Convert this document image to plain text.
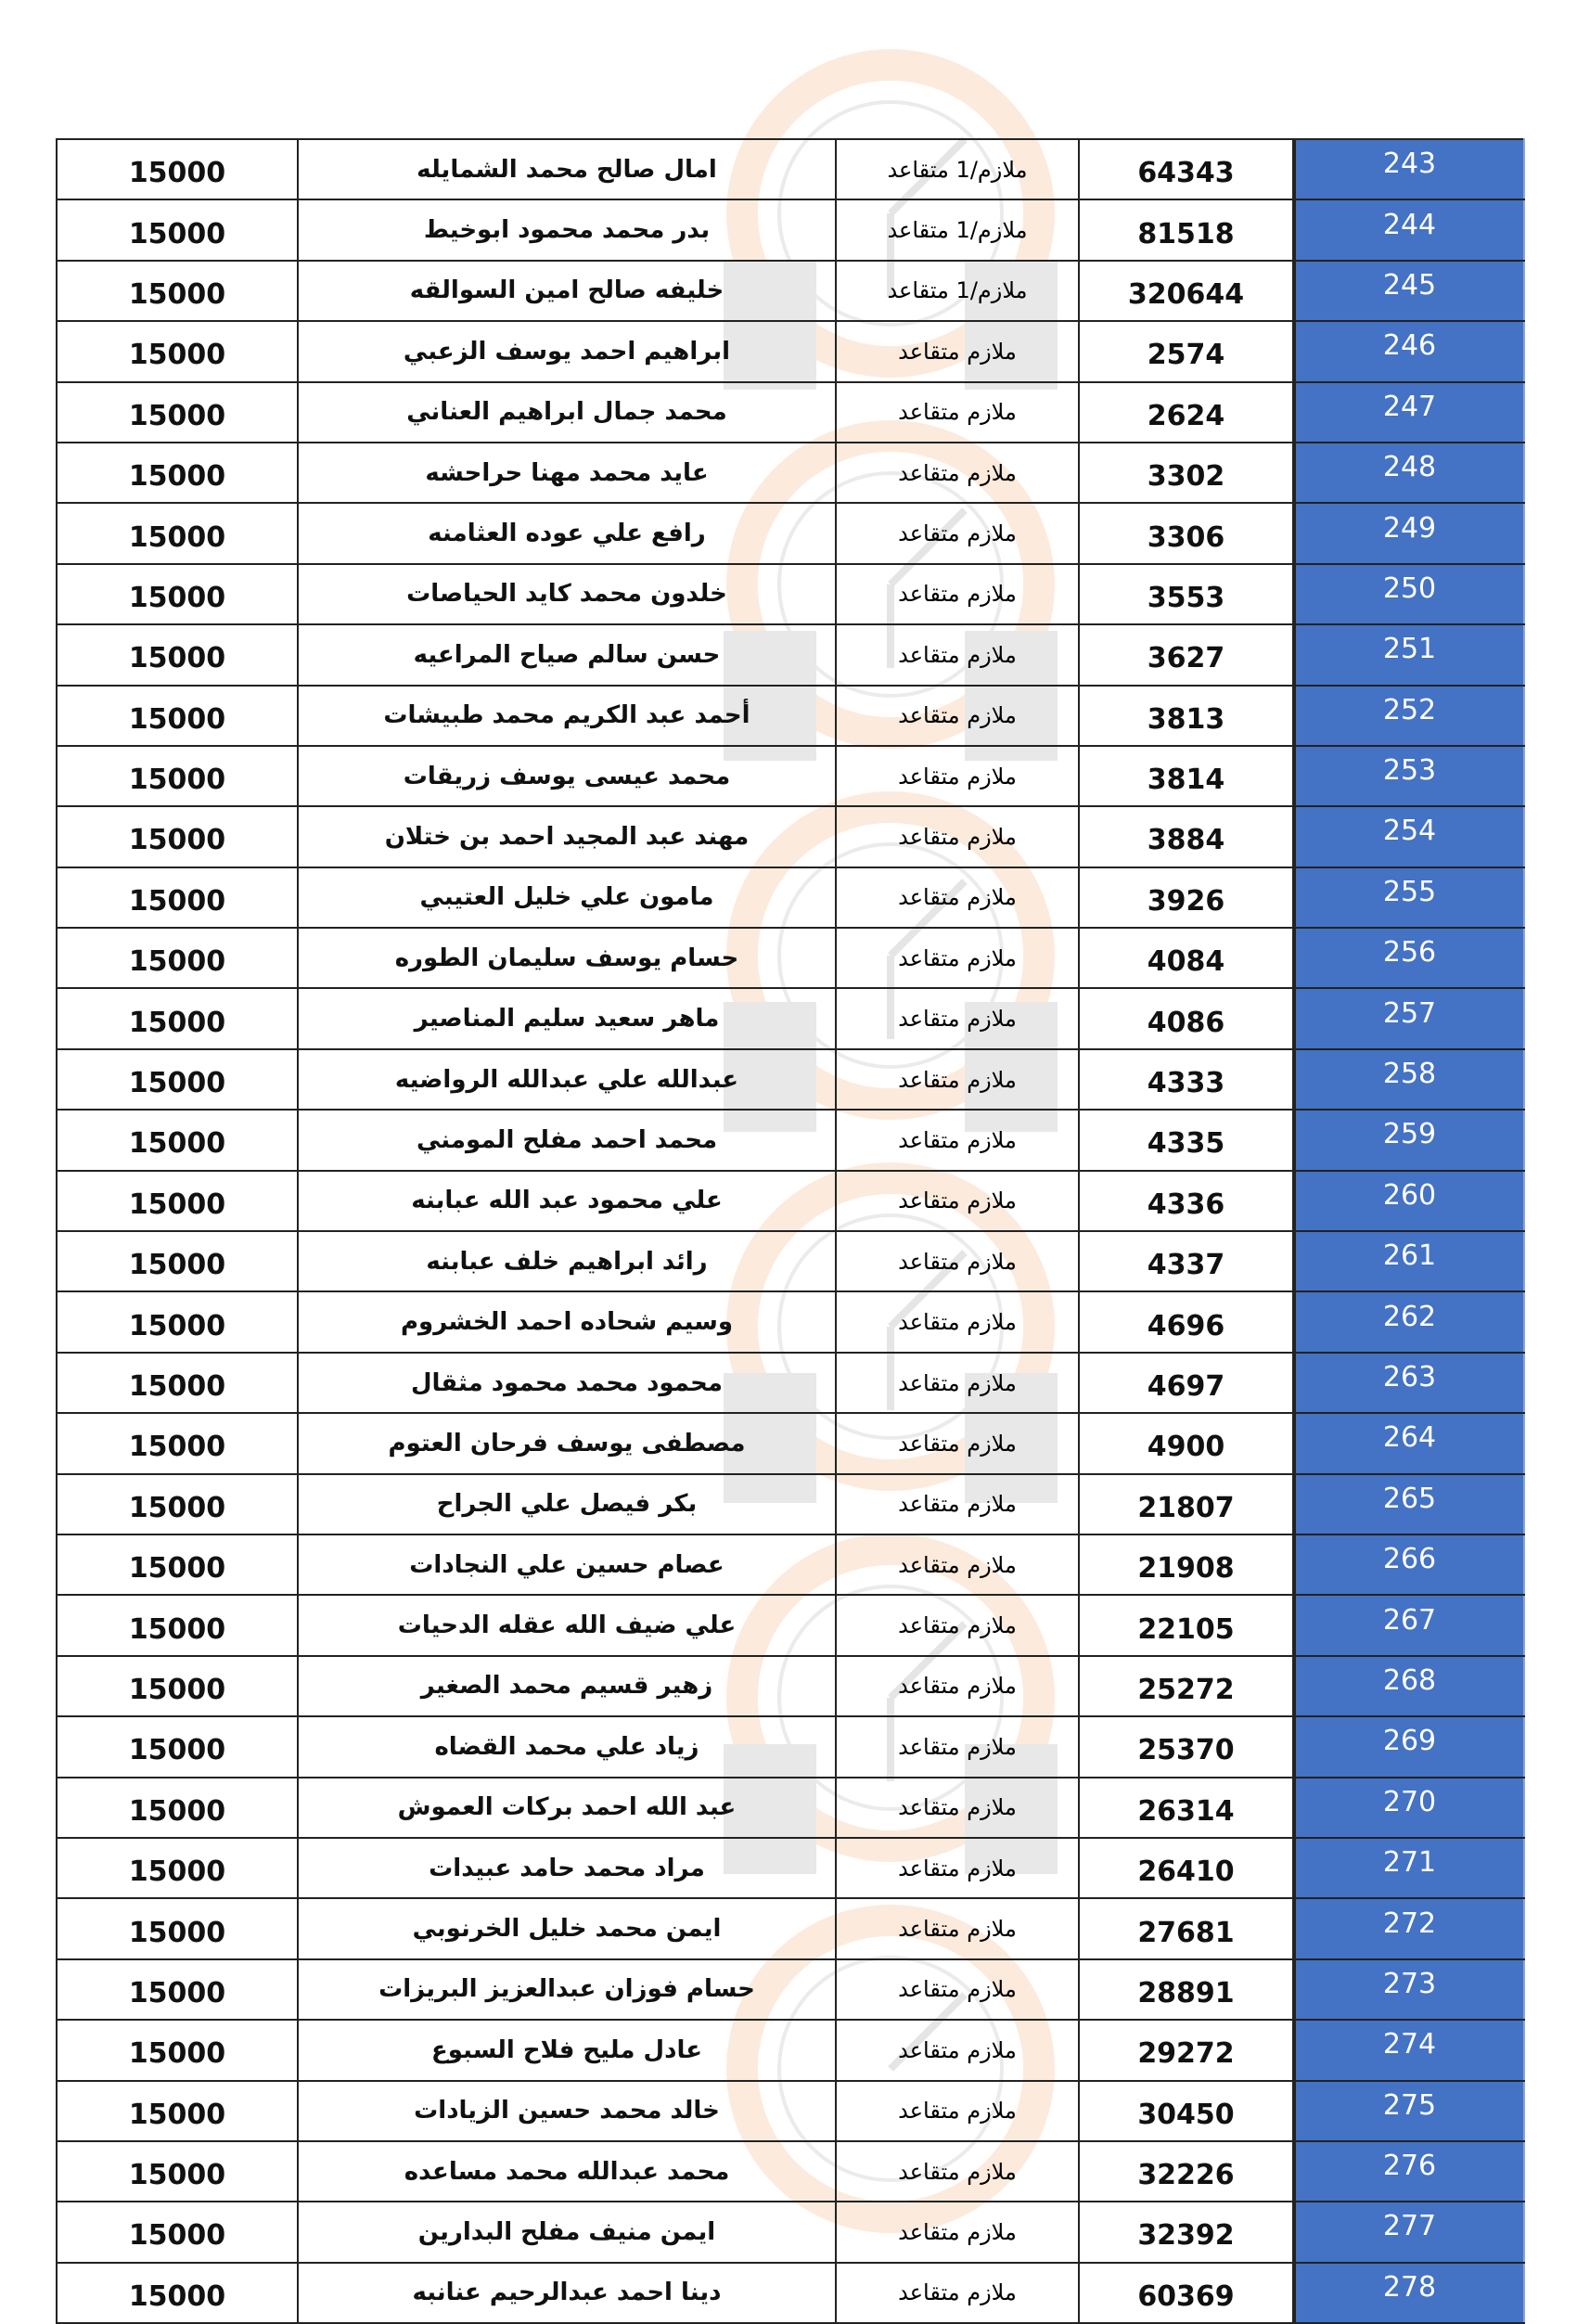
15000	امال صالح محمد الشمايله	ملازم/1 متقاعد	64343	243
15000	بدر محمد محمود ابوخيط	ملازم/1 متقاعد	81518	244
15000	خليفه صالح امين السوالقه	ملازم/1 متقاعد	320644	245
15000	ابراهيم احمد يوسف الزعبي	ملازم متقاعد	2574	246
15000	محمد جمال ابراهيم العناني	ملازم متقاعد	2624	247
15000	عايد محمد مهنا حراحشه	ملازم متقاعد	3302	248
15000	رافع علي عوده العثامنه	ملازم متقاعد	3306	249
15000	خلدون محمد كايد الحياصات	ملازم متقاعد	3553	250
15000	حسن سالم صياح المراعيه	ملازم متقاعد	3627	251
15000	أحمد عبد الكريم محمد طبيشات	ملازم متقاعد	3813	252
15000	محمد عيسى يوسف زريقات	ملازم متقاعد	3814	253
15000	مهند عبد المجيد احمد بن ختلان	ملازم متقاعد	3884	254
15000	مامون علي خليل العتيبي	ملازم متقاعد	3926	255
15000	حسام يوسف سليمان الطوره	ملازم متقاعد	4084	256
15000	ماهر سعيد سليم المناصير	ملازم متقاعد	4086	257
15000	عبدالله علي عبدالله الرواضيه	ملازم متقاعد	4333	258
15000	محمد احمد مفلح المومني	ملازم متقاعد	4335	259
15000	علي محمود عبد الله عبابنه	ملازم متقاعد	4336	260
15000	رائد ابراهيم خلف عبابنه	ملازم متقاعد	4337	261
15000	وسيم شحاده احمد الخشروم	ملازم متقاعد	4696	262
15000	محمود محمد محمود مثقال	ملازم متقاعد	4697	263
15000	مصطفى يوسف فرحان العتوم	ملازم متقاعد	4900	264
15000	بكر فيصل علي الجراح	ملازم متقاعد	21807	265
15000	عصام حسين علي النجادات	ملازم متقاعد	21908	266
15000	علي ضيف الله عقله الدحيات	ملازم متقاعد	22105	267
15000	زهير قسيم محمد الصغير	ملازم متقاعد	25272	268
15000	زياد علي محمد القضاه	ملازم متقاعد	25370	269
15000	عبد الله احمد بركات العموش	ملازم متقاعد	26314	270
15000	مراد محمد حامد عبيدات	ملازم متقاعد	26410	271
15000	ايمن محمد خليل الخرنوبي	ملازم متقاعد	27681	272
15000	حسام فوزان عبدالعزيز البريزات	ملازم متقاعد	28891	273
15000	عادل مليح فلاح السبوع	ملازم متقاعد	29272	274
15000	خالد محمد حسين الزيادات	ملازم متقاعد	30450	275
15000	محمد عبدالله محمد مساعده	ملازم متقاعد	32226	276
15000	ايمن منيف مفلح البدارين	ملازم متقاعد	32392	277
15000	دينا احمد عبدالرحيم عنانبه	ملازم متقاعد	60369	278
